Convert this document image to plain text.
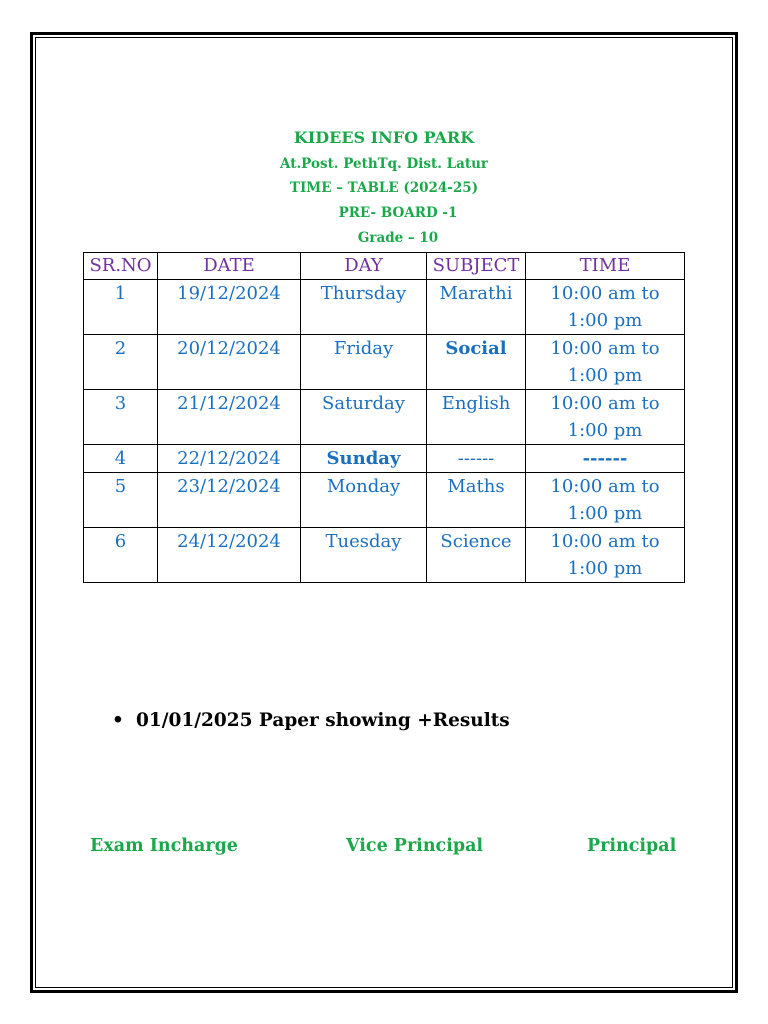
KIDEES INFO PARK
At.Post. PethTq. Dist. Latur
TIME – TABLE (2024-25)
PRE- BOARD -1
Grade – 10
SR.NO	DATE	DAY	SUBJECT	TIME
1	19/12/2024	Thursday	Marathi	10:00 am to 1:00 pm
2	20/12/2024	Friday	Social	10:00 am to 1:00 pm
3	21/12/2024	Saturday	English	10:00 am to 1:00 pm
4	22/12/2024	Sunday	------	------
5	23/12/2024	Monday	Maths	10:00 am to 1:00 pm
6	24/12/2024	Tuesday	Science	10:00 am to 1:00 pm
• 01/01/2025 Paper showing +Results
Exam Incharge	Vice Principal	Principal
